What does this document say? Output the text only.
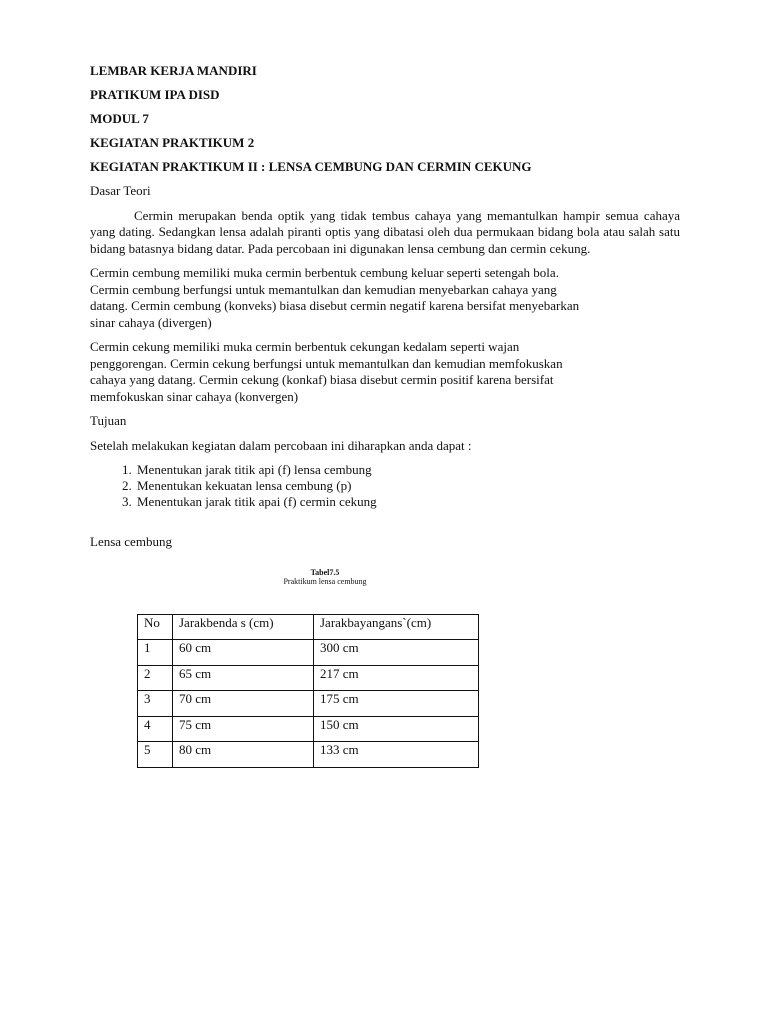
LEMBAR KERJA MANDIRI
PRATIKUM IPA DISD
MODUL 7
KEGIATAN PRAKTIKUM 2
KEGIATAN PRAKTIKUM II : LENSA CEMBUNG DAN CERMIN CEKUNG
Dasar Teori
Cermin merupakan benda optik yang tidak tembus cahaya yang memantulkan hampir semua cahaya yang dating. Sedangkan lensa adalah piranti optis yang dibatasi oleh dua permukaan bidang bola atau salah satu bidang batasnya bidang datar. Pada percobaan ini digunakan lensa cembung dan cermin cekung.
Cermin cembung memiliki muka cermin berbentuk cembung keluar seperti setengah bola.
Cermin cembung berfungsi untuk memantulkan dan kemudian menyebarkan cahaya yang
datang. Cermin cembung (konveks) biasa disebut cermin negatif karena bersifat menyebarkan
sinar cahaya (divergen)
Cermin cekung memiliki muka cermin berbentuk cekungan kedalam seperti wajan
penggorengan. Cermin cekung berfungsi untuk memantulkan dan kemudian memfokuskan
cahaya yang datang. Cermin cekung (konkaf) biasa disebut cermin positif karena bersifat
memfokuskan sinar cahaya (konvergen)
Tujuan
Setelah melakukan kegiatan dalam percobaan ini diharapkan anda dapat :
1. Menentukan jarak titik api (f) lensa cembung
2. Menentukan kekuatan lensa cembung (p)
3. Menentukan jarak titik apai (f) cermin cekung
Lensa cembung
Tabel7.5
Praktikum lensa cembung
No	Jarakbenda s (cm)	Jarakbayangans`(cm)
1	60 cm	300 cm
2	65 cm	217 cm
3	70 cm	175 cm
4	75 cm	150 cm
5	80 cm	133 cm
